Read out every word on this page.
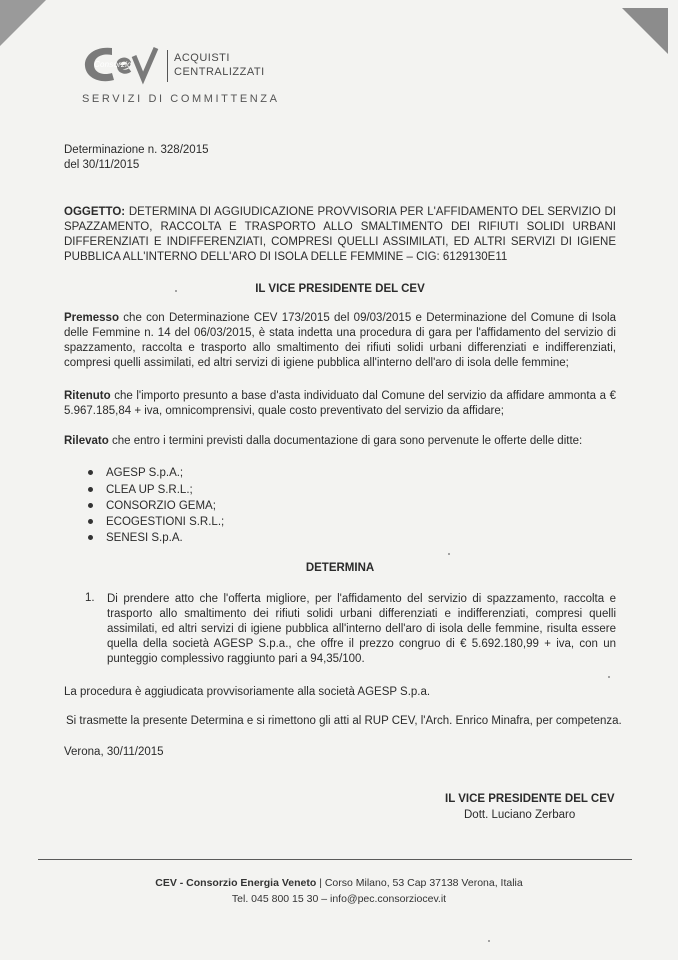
Consorzio
ACQUISTI
CENTRALIZZATI
SERVIZI DI COMMITTENZA
Determinazione n. 328/2015
del 30/11/2015
OGGETTO: DETERMINA DI AGGIUDICAZIONE PROVVISORIA PER L'AFFIDAMENTO DEL SERVIZIO DI SPAZZAMENTO, RACCOLTA E TRASPORTO ALLO SMALTIMENTO DEI RIFIUTI SOLIDI URBANI DIFFERENZIATI E INDIFFERENZIATI, COMPRESI QUELLI ASSIMILATI, ED ALTRI SERVIZI DI IGIENE PUBBLICA ALL'INTERNO DELL'ARO DI ISOLA DELLE FEMMINE – CIG: 6129130E11
IL VICE PRESIDENTE DEL CEV
Premesso che con Determinazione CEV 173/2015 del 09/03/2015 e Determinazione del Comune di Isola delle Femmine n. 14 del 06/03/2015, è stata indetta una procedura di gara per l'affidamento del servizio di spazzamento, raccolta e trasporto allo smaltimento dei rifiuti solidi urbani differenziati e indifferenziati, compresi quelli assimilati, ed altri servizi di igiene pubblica all'interno dell'aro di isola delle femmine;
Ritenuto che l'importo presunto a base d'asta individuato dal Comune del servizio da affidare ammonta a € 5.967.185,84 + iva, omnicomprensivi, quale costo preventivato del servizio da affidare;
Rilevato che entro i termini previsti dalla documentazione di gara sono pervenute le offerte delle ditte:
AGESP S.p.A.;
CLEA UP S.R.L.;
CONSORZIO GEMA;
ECOGESTIONI S.R.L.;
SENESI S.p.A.
DETERMINA
1. Di prendere atto che l'offerta migliore, per l'affidamento del servizio di spazzamento, raccolta e trasporto allo smaltimento dei rifiuti solidi urbani differenziati e indifferenziati, compresi quelli assimilati, ed altri servizi di igiene pubblica all'interno dell'aro di isola delle femmine, risulta essere quella della società AGESP S.p.a., che offre il prezzo congruo di € 5.692.180,99 + iva, con un punteggio complessivo raggiunto pari a 94,35/100.
La procedura è aggiudicata provvisoriamente alla società AGESP S.p.a.
Si trasmette la presente Determina e si rimettono gli atti al RUP CEV, l'Arch. Enrico Minafra, per competenza.
Verona, 30/11/2015
IL VICE PRESIDENTE DEL CEV
Dott. Luciano Zerbaro
CEV - Consorzio Energia Veneto | Corso Milano, 53 Cap 37138 Verona, Italia
Tel. 045 800 15 30 – info@pec.consorziocev.it
